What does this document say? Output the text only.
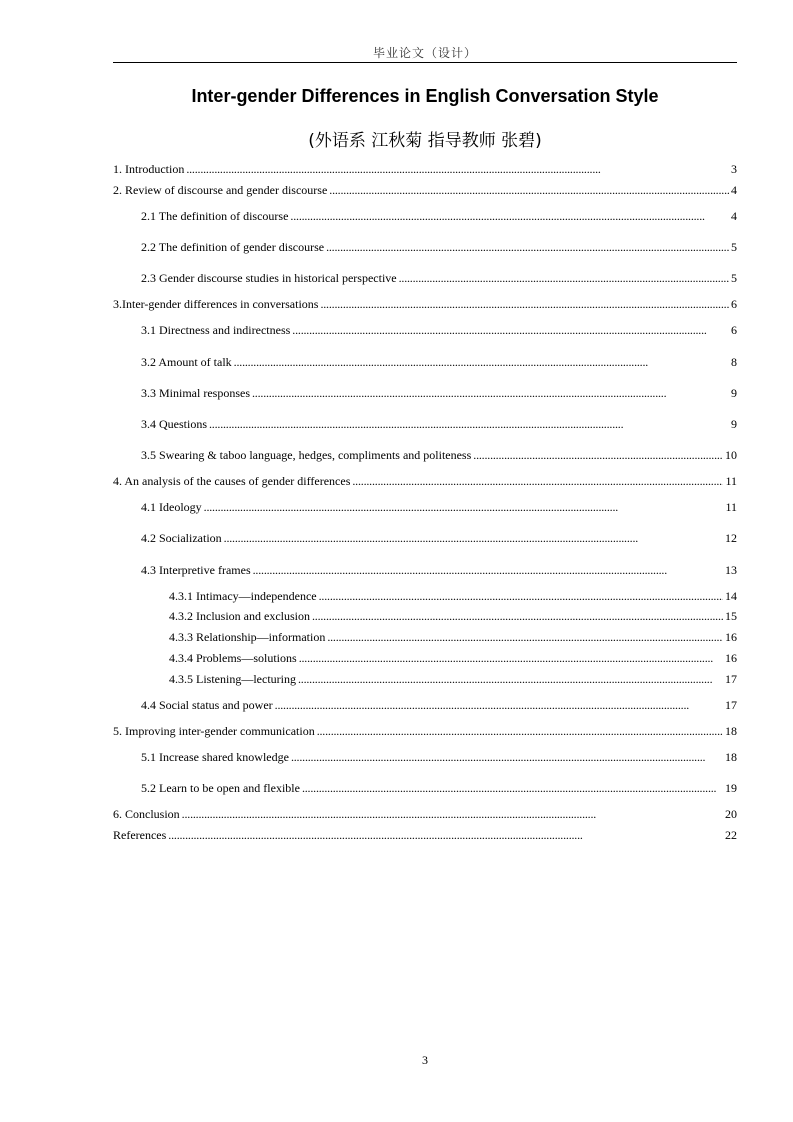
毕业论文（设计）
Inter-gender Differences in English Conversation Style
(外语系 江秋菊 指导教师 张碧)
1. Introduction . . .	3
2. Review of discourse and gender discourse . . .	4
2.1 The definition of discourse . . .	4
2.2 The definition of gender discourse . . .	5
2.3 Gender discourse studies in historical perspective . . .	5
3.Inter-gender differences in conversations . . .	6
3.1 Directness and indirectness . . .	6
3.2 Amount of talk . . .	8
3.3 Minimal responses . . .	9
3.4 Questions . . .	9
3.5 Swearing & taboo language, hedges, compliments and politeness . . .	10
4. An analysis of the causes of gender differences . . .	11
4.1 Ideology . . .	11
4.2 Socialization . . .	12
4.3 Interpretive frames . . .	13
4.3.1 Intimacy—independence . . .	14
4.3.2 Inclusion and exclusion . . .	15
4.3.3 Relationship—information . . .	16
4.3.4 Problems—solutions . . .	16
4.3.5 Listening—lecturing . . .	17
4.4 Social status and power . . .	17
5. Improving inter-gender communication . . .	18
5.1 Increase shared knowledge . . .	18
5.2 Learn to be open and flexible . . .	19
6. Conclusion . . .	20
References . . .	22
3
